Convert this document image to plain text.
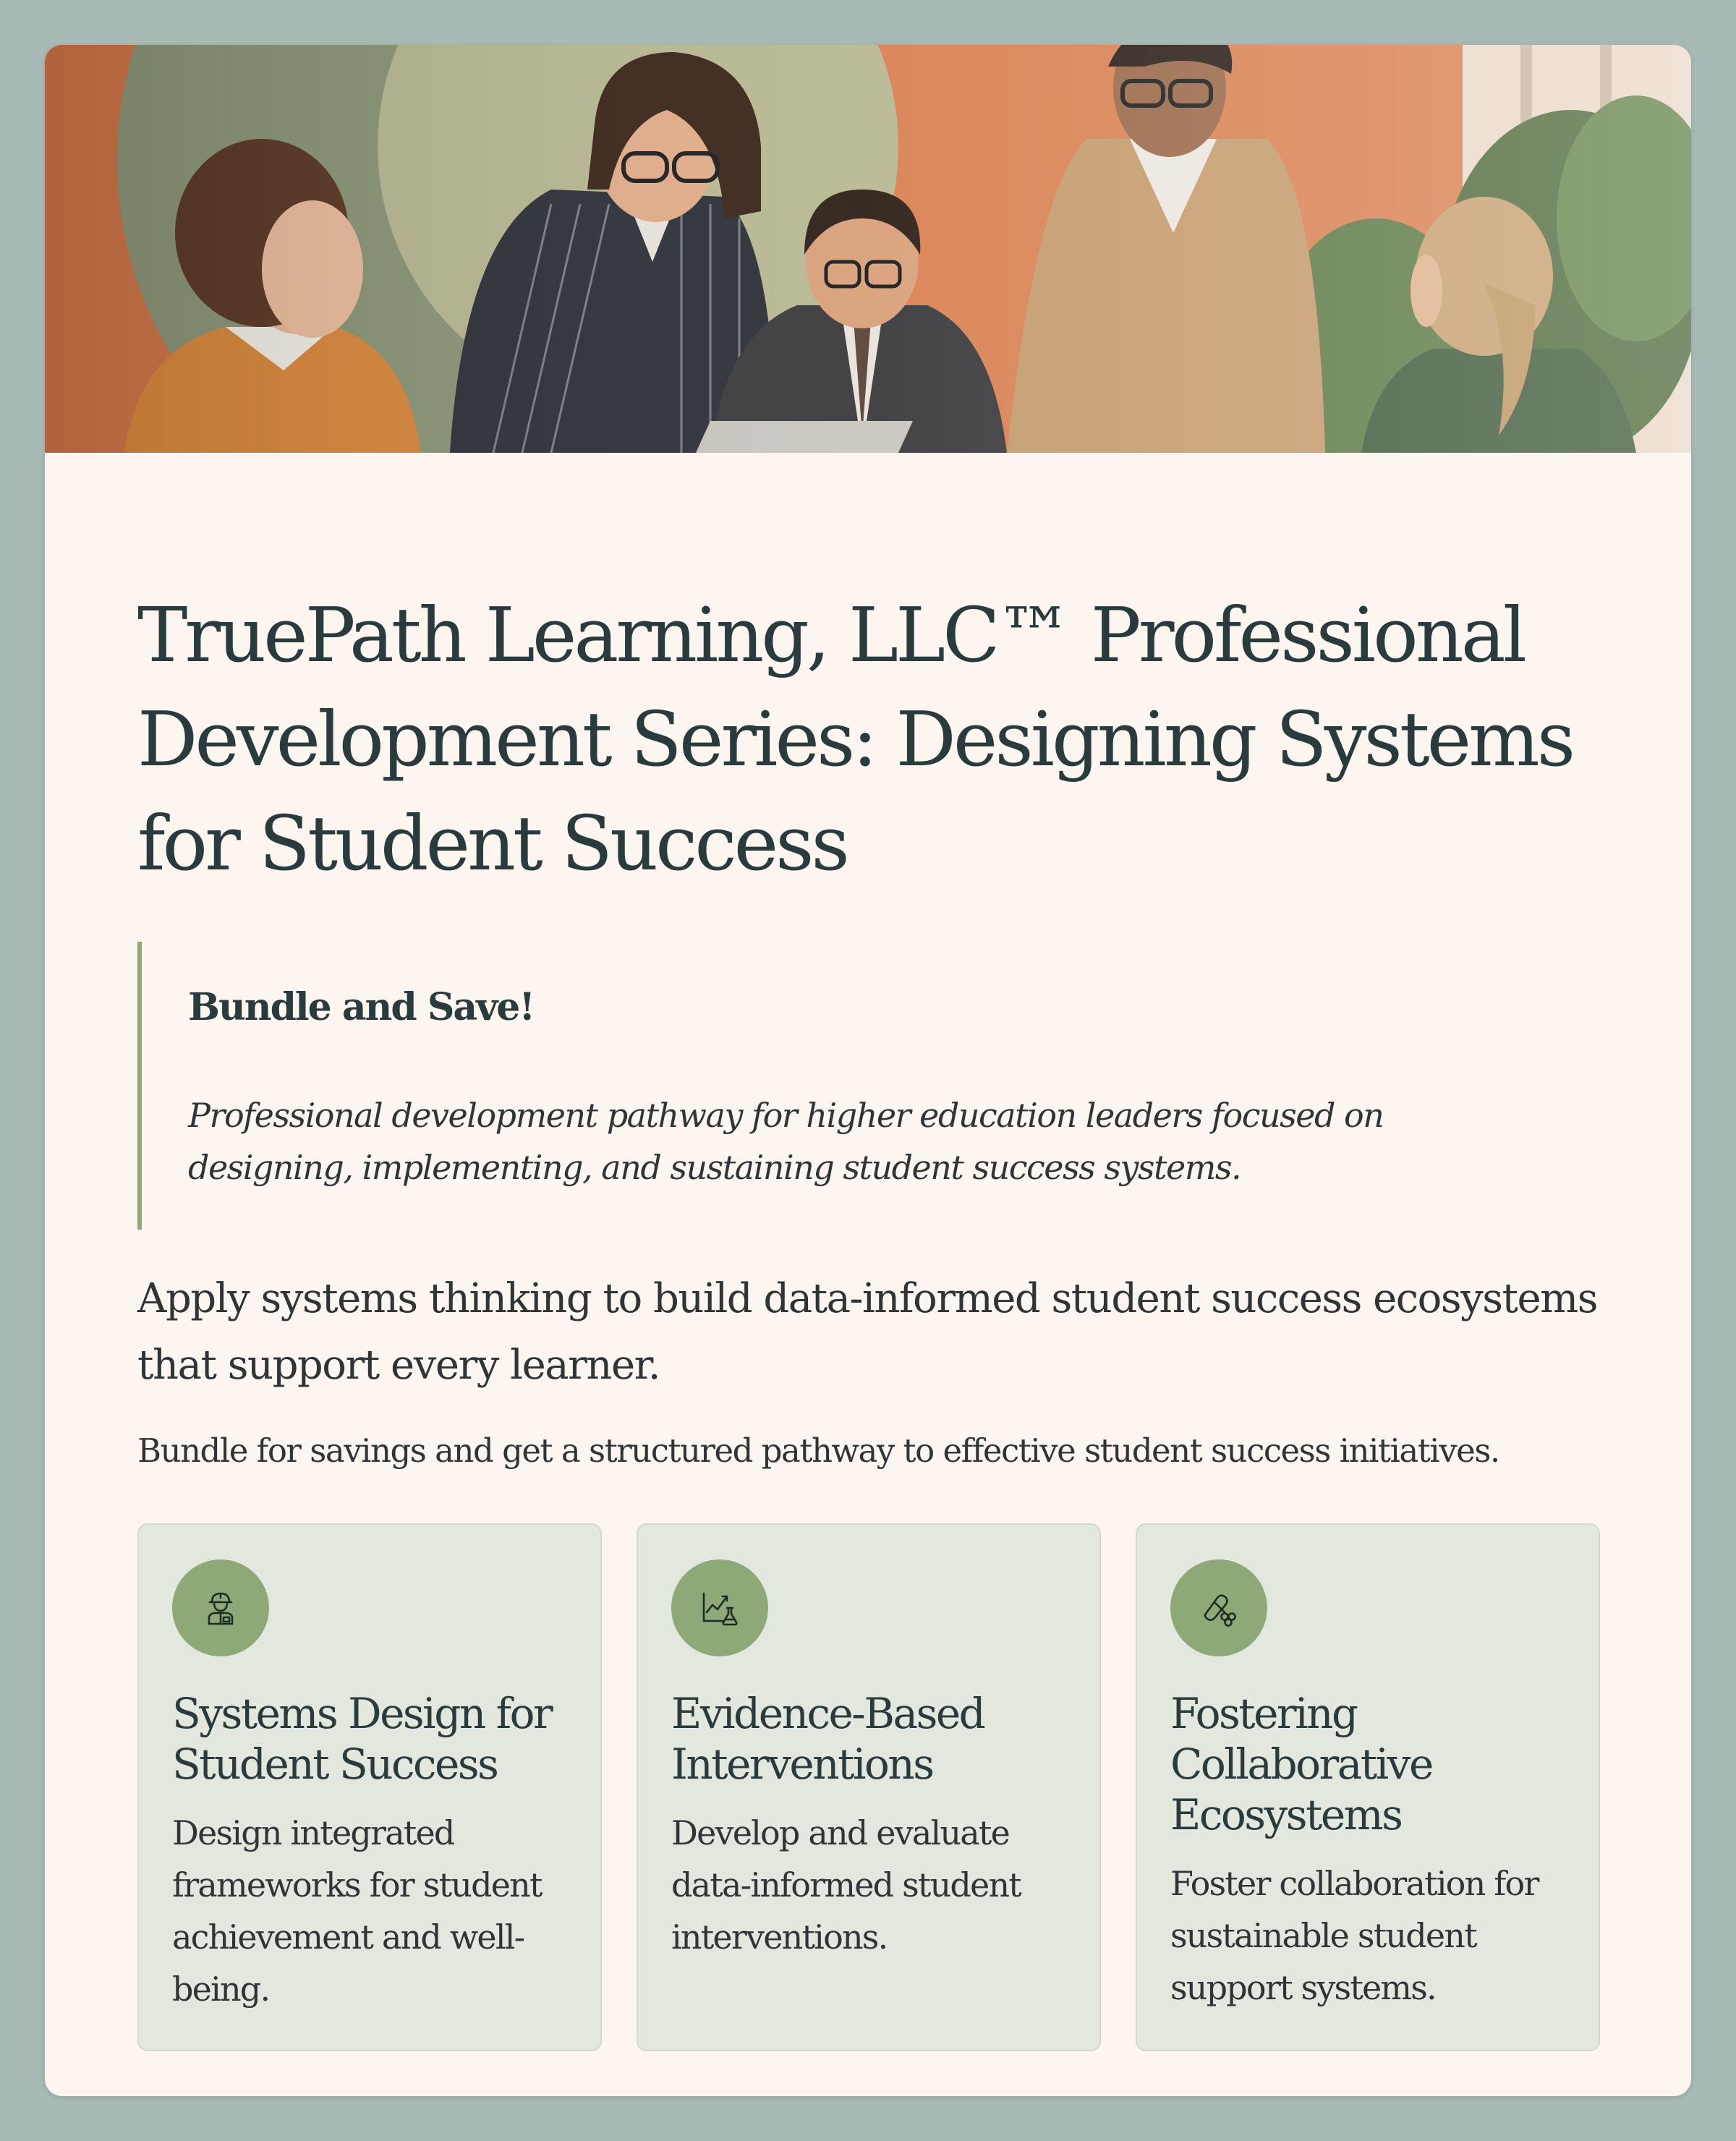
TruePath Learning, LLC™ Professional Development Series: Designing Systems for Student Success
Bundle and Save!
Professional development pathway for higher education leaders focused on designing, implementing, and sustaining student success systems.
Apply systems thinking to build data-informed student success ecosystems that support every learner.
Bundle for savings and get a structured pathway to effective student success initiatives.
Systems Design for Student Success

Design integrated frameworks for student achievement and well-being.

Evidence-Based Interventions

Develop and evaluate data-informed student interventions.

Fostering Collaborative Ecosystems

Foster collaboration for sustainable student support systems.
